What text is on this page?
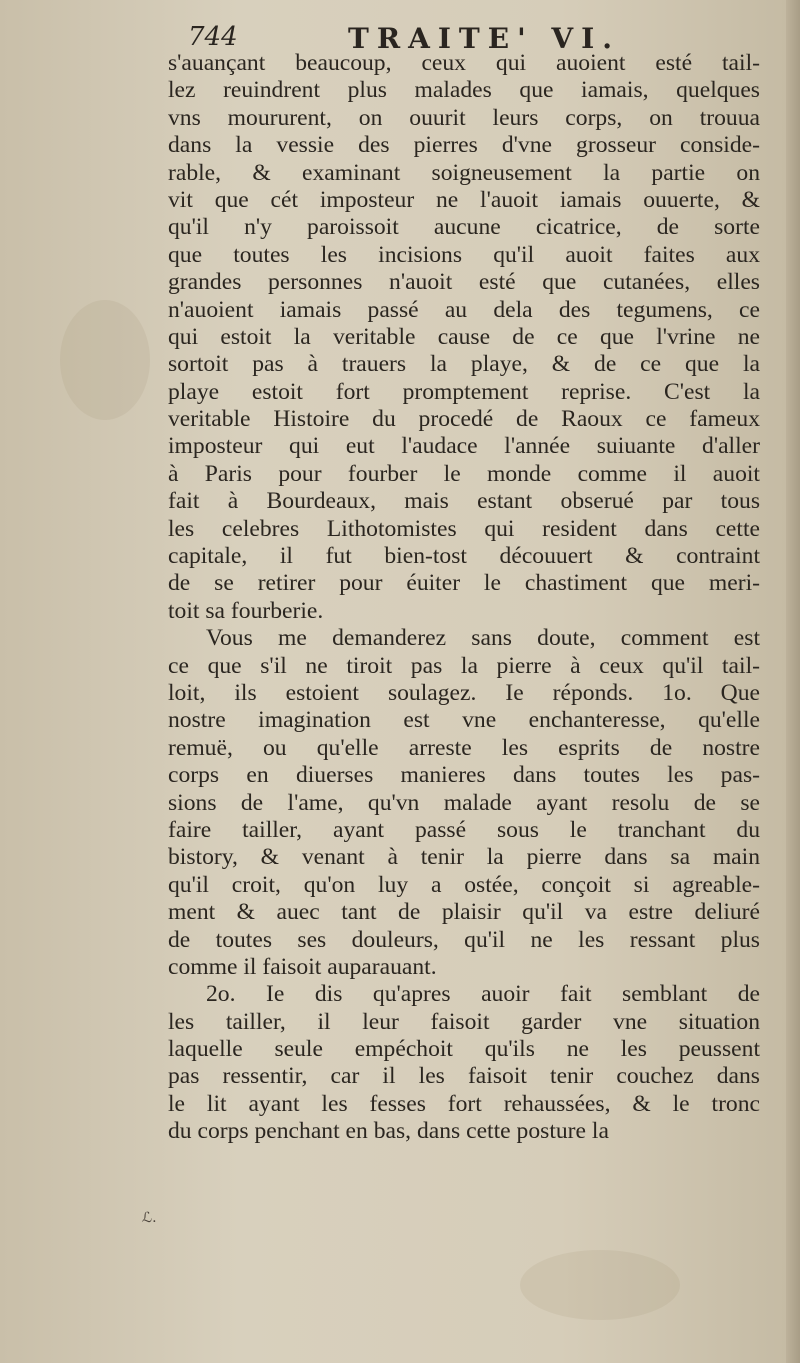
744	TRAITE' VI.
s'auançant beaucoup, ceux qui auoient esté tail-
lez reuindrent plus malades que iamais, quelques
vns moururent, on ouurit leurs corps, on trouua
dans la vessie des pierres d'vne grosseur conside-
rable, & examinant soigneusement la partie on
vit que cét imposteur ne l'auoit iamais ouuerte, &
qu'il n'y paroissoit aucune cicatrice, de sorte
que toutes les incisions qu'il auoit faites aux
grandes personnes n'auoit esté que cutanées, elles
n'auoient iamais passé au dela des tegumens, ce
qui estoit la veritable cause de ce que l'vrine ne
sortoit pas à trauers la playe, & de ce que la
playe estoit fort promptement reprise. C'est la
veritable Histoire du procedé de Raoux ce fameux
imposteur qui eut l'audace l'année suiuante d'aller
à Paris pour fourber le monde comme il auoit
fait à Bourdeaux, mais estant obserué par tous
les celebres Lithotomistes qui resident dans cette
capitale, il fut bien-tost découuert & contraint
de se retirer pour éuiter le chastiment que meri-
toit sa fourberie.
Vous me demanderez sans doute, comment est
ce que s'il ne tiroit pas la pierre à ceux qu'il tail-
loit, ils estoient soulagez. Ie réponds. 1o. Que
nostre imagination est vne enchanteresse, qu'elle
remuë, ou qu'elle arreste les esprits de nostre
corps en diuerses manieres dans toutes les pas-
sions de l'ame, qu'vn malade ayant resolu de se
faire tailler, ayant passé sous le tranchant du
bistory, & venant à tenir la pierre dans sa main
qu'il croit, qu'on luy a ostée, conçoit si agreable-
ment & auec tant de plaisir qu'il va estre deliuré
de toutes ses douleurs, qu'il ne les ressant plus
comme il faisoit auparauant.
2o. Ie dis qu'apres auoir fait semblant de
les tailler, il leur faisoit garder vne situation
laquelle seule empéchoit qu'ils ne les peussent
pas ressentir, car il les faisoit tenir couchez dans
le lit ayant les fesses fort rehaussées, & le tronc
du corps penchant en bas, dans cette posture la
ℒ.
